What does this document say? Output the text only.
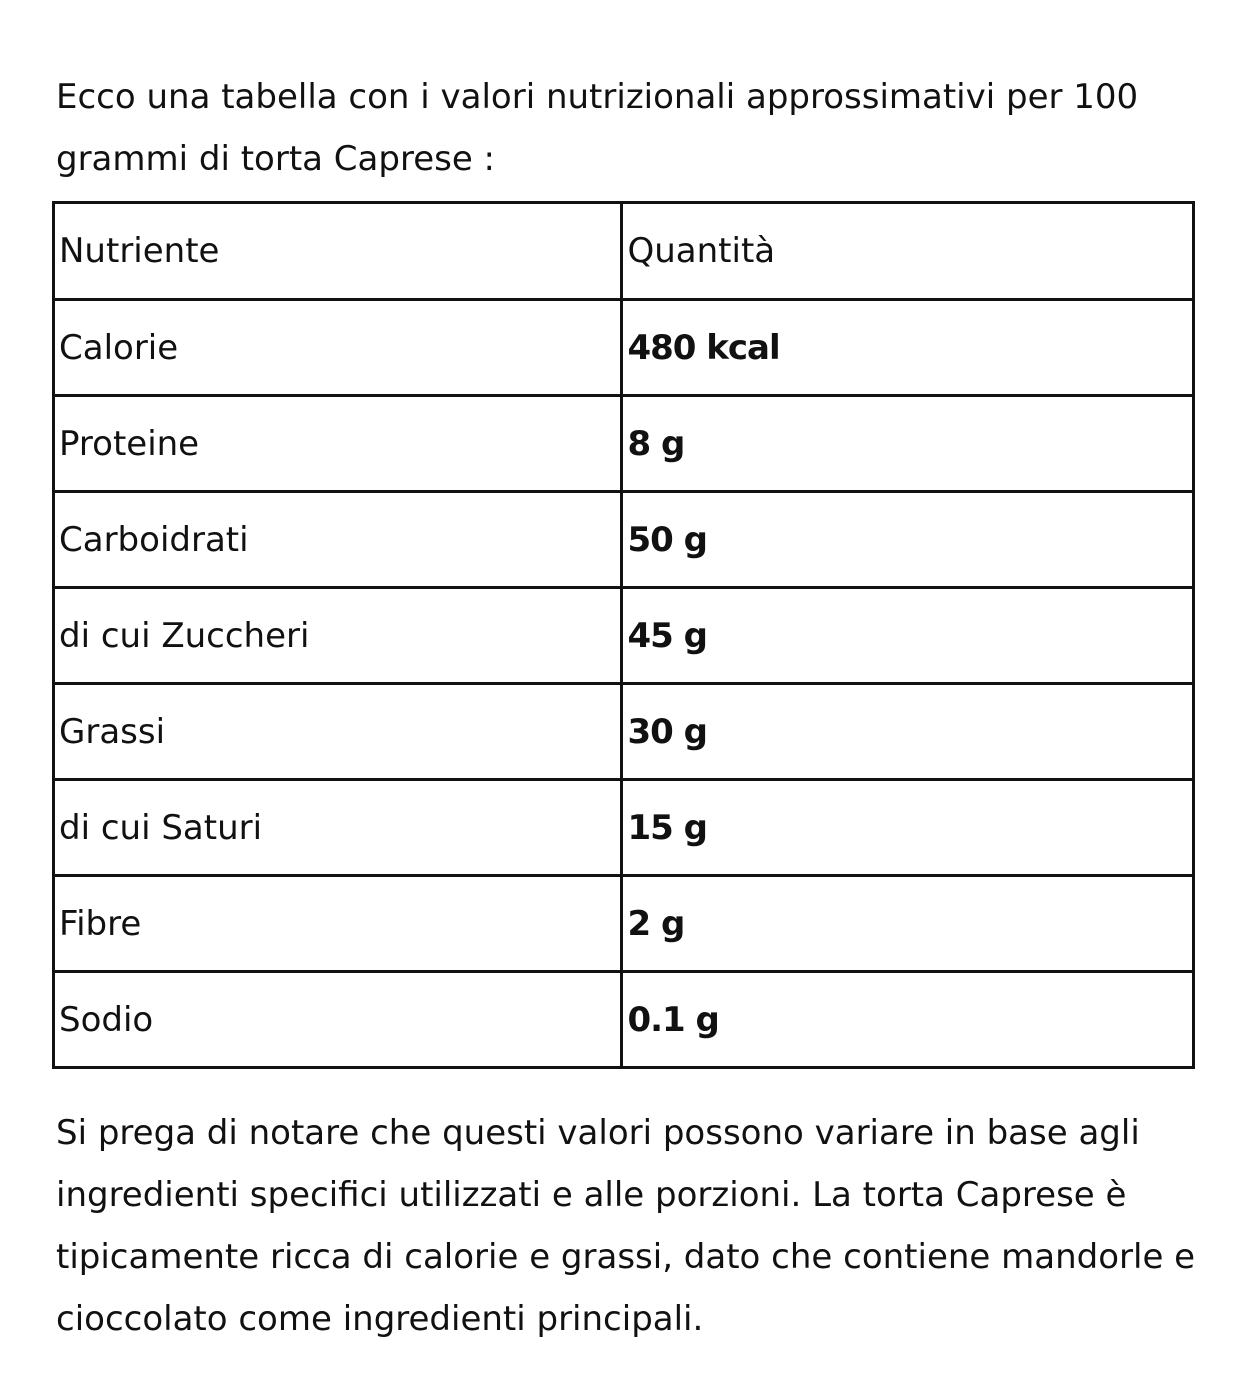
Ecco una tabella con i valori nutrizionali approssimativi per 100
grammi di torta Caprese :

Nutriente	Quantità
Calorie	480 kcal
Proteine	8 g
Carboidrati	50 g
di cui Zuccheri	45 g
Grassi	30 g
di cui Saturi	15 g
Fibre	2 g
Sodio	0.1 g

Si prega di notare che questi valori possono variare in base agli
ingredienti specifici utilizzati e alle porzioni. La torta Caprese è
tipicamente ricca di calorie e grassi, dato che contiene mandorle e
cioccolato come ingredienti principali.
